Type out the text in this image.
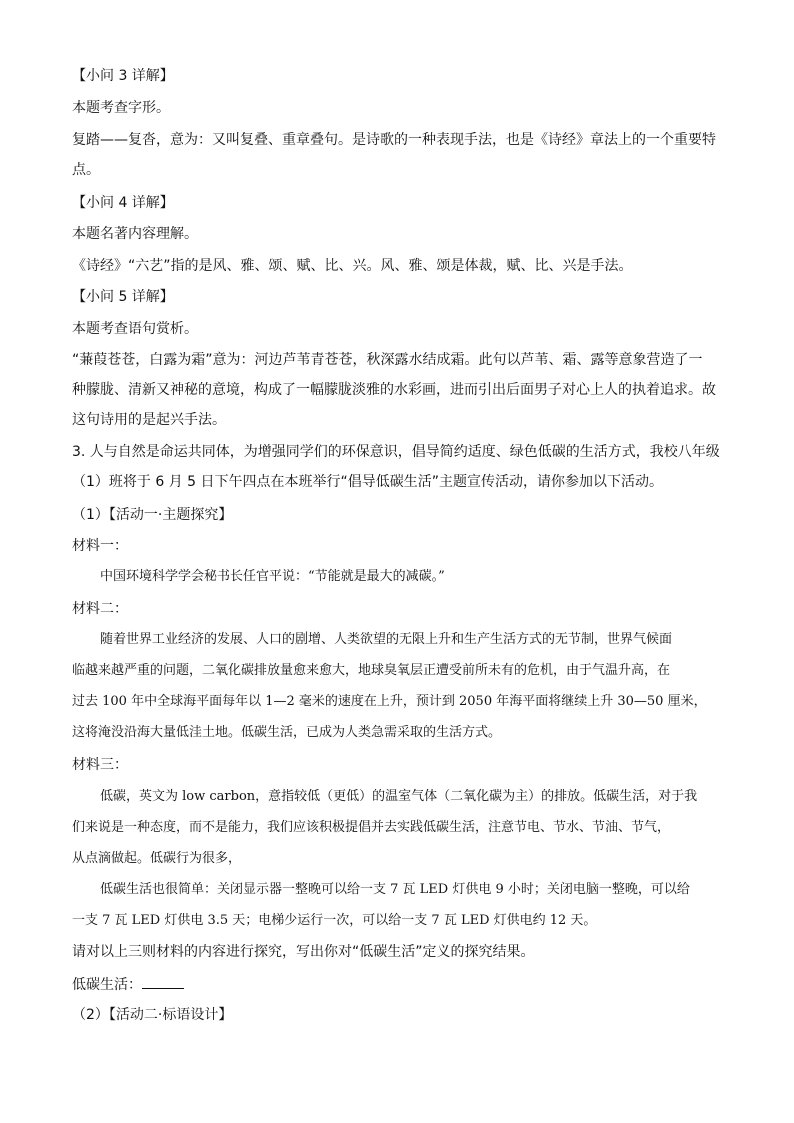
【小问 3 详解】
本题考查字形。
复踏——复沓，意为：又叫复叠、重章叠句。是诗歌的一种表现手法，也是《诗经》章法上的一个重要特
点。
【小问 4 详解】
本题名著内容理解。
《诗经》“六艺”指的是风、雅、颂、赋、比、兴。风、雅、颂是体裁，赋、比、兴是手法。
【小问 5 详解】
本题考查语句赏析。
“蒹葭苍苍，白露为霜”意为：河边芦苇青苍苍，秋深露水结成霜。此句以芦苇、霜、露等意象营造了一
种朦胧、清新又神秘的意境，构成了一幅朦胧淡雅的水彩画，进而引出后面男子对心上人的执着追求。故
这句诗用的是起兴手法。
3. 人与自然是命运共同体，为增强同学们的环保意识，倡导简约适度、绿色低碳的生活方式，我校八年级
（1）班将于 6 月 5 日下午四点在本班举行“倡导低碳生活”主题宣传活动，请你参加以下活动。
（1）【活动一·主题探究】
材料一：
中国环境科学学会秘书长任官平说：“节能就是最大的减碳。”
材料二：
随着世界工业经济的发展、人口的剧增、人类欲望的无限上升和生产生活方式的无节制，世界气候面
临越来越严重的问题，二氧化碳排放量愈来愈大，地球臭氧层正遭受前所未有的危机，由于气温升高，在
过去 100 年中全球海平面每年以 1—2 毫米的速度在上升，预计到 2050 年海平面将继续上升 30—50 厘米，
这将淹没沿海大量低洼土地。低碳生活，已成为人类急需采取的生活方式。
材料三：
低碳，英文为 low carbon，意指较低（更低）的温室气体（二氧化碳为主）的排放。低碳生活，对于我
们来说是一种态度，而不是能力，我们应该积极提倡并去实践低碳生活，注意节电、节水、节油、节气，
从点滴做起。低碳行为很多，
低碳生活也很简单：关闭显示器一整晚可以给一支 7 瓦 LED 灯供电 9 小时；关闭电脑一整晚，可以给
一支 7 瓦 LED 灯供电 3.5 天；电梯少运行一次，可以给一支 7 瓦 LED 灯供电约 12 天。
请对以上三则材料的内容进行探究，写出你对“低碳生活”定义的探究结果。
低碳生活：
（2）【活动二·标语设计】
